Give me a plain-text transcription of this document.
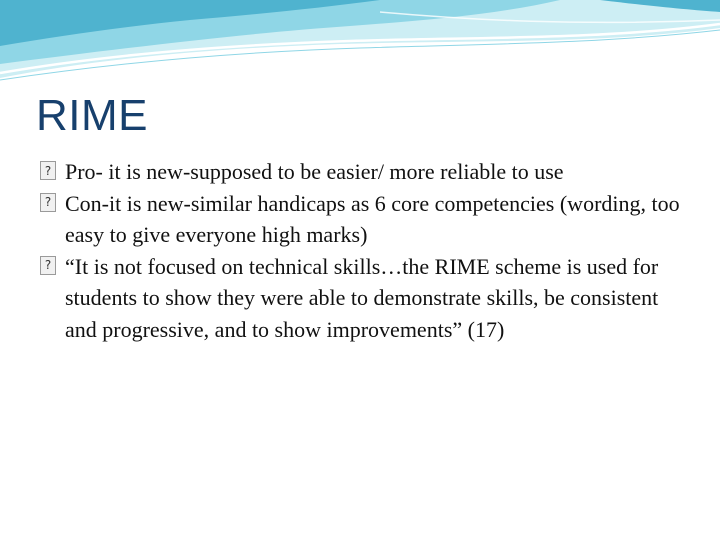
RIME
? Pro- it is new-supposed to be easier/ more reliable to use
? Con-it is new-similar handicaps as 6 core competencies (wording, too easy to give everyone high marks)
? “It is not focused on technical skills…the RIME scheme is used for students to show they were able to demonstrate skills, be consistent and progressive, and to show improvements” (17)
